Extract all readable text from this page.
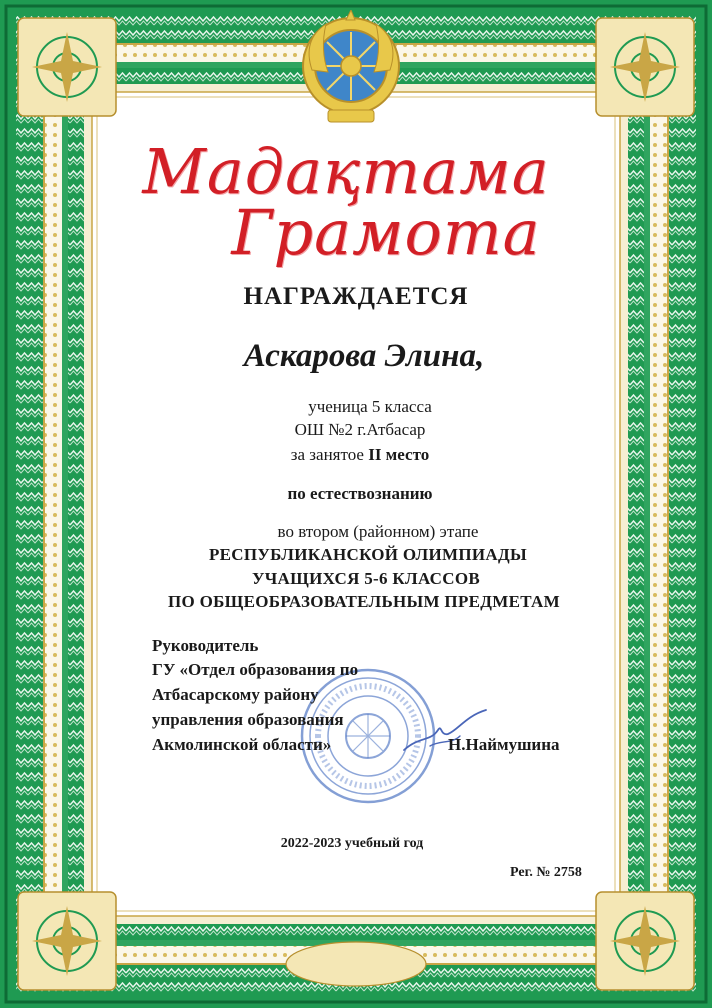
Мадақтама
Грамота
НАГРАЖДАЕТСЯ
Аскарова Элина,
ученица 5 класса
ОШ №2 г.Атбасар
за занятое II место
по естествознанию
во втором (районном) этапе
РЕСПУБЛИКАНСКОЙ ОЛИМПИАДЫ
УЧАЩИХСЯ 5-6 КЛАССОВ
ПО ОБЩЕОБРАЗОВАТЕЛЬНЫМ ПРЕДМЕТАМ
Руководитель
ГУ «Отдел образования по
Атбасарскому району
управления образования
Акмолинской области»	Н.Наймушина
2022-2023 учебный год
Рег. № 2758
